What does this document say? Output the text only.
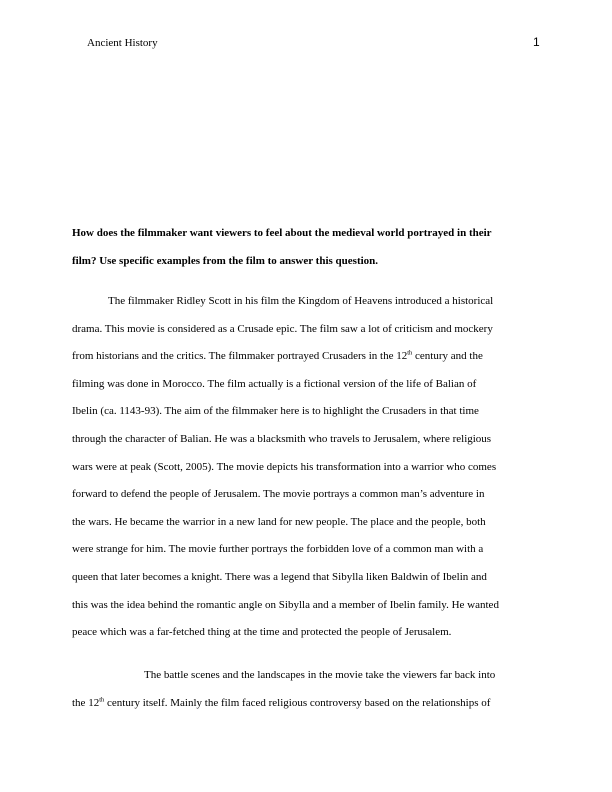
Ancient History	1
How does the filmmaker want viewers to feel about the medieval world portrayed in their
film? Use specific examples from the film to answer this question.
The filmmaker Ridley Scott in his film the Kingdom of Heavens introduced a historical
drama. This movie is considered as a Crusade epic. The film saw a lot of criticism and mockery
from historians and the critics. The filmmaker portrayed Crusaders in the 12th century and the
filming was done in Morocco. The film actually is a fictional version of the life of Balian of
Ibelin (ca. 1143-93). The aim of the filmmaker here is to highlight the Crusaders in that time
through the character of Balian. He was a blacksmith who travels to Jerusalem, where religious
wars were at peak (Scott, 2005). The movie depicts his transformation into a warrior who comes
forward to defend the people of Jerusalem. The movie portrays a common man’s adventure in
the wars. He became the warrior in a new land for new people. The place and the people, both
were strange for him. The movie further portrays the forbidden love of a common man with a
queen that later becomes a knight. There was a legend that Sibylla liken Baldwin of Ibelin and
this was the idea behind the romantic angle on Sibylla and a member of Ibelin family. He wanted
peace which was a far-fetched thing at the time and protected the people of Jerusalem.
The battle scenes and the landscapes in the movie take the viewers far back into
the 12th century itself. Mainly the film faced religious controversy based on the relationships of
